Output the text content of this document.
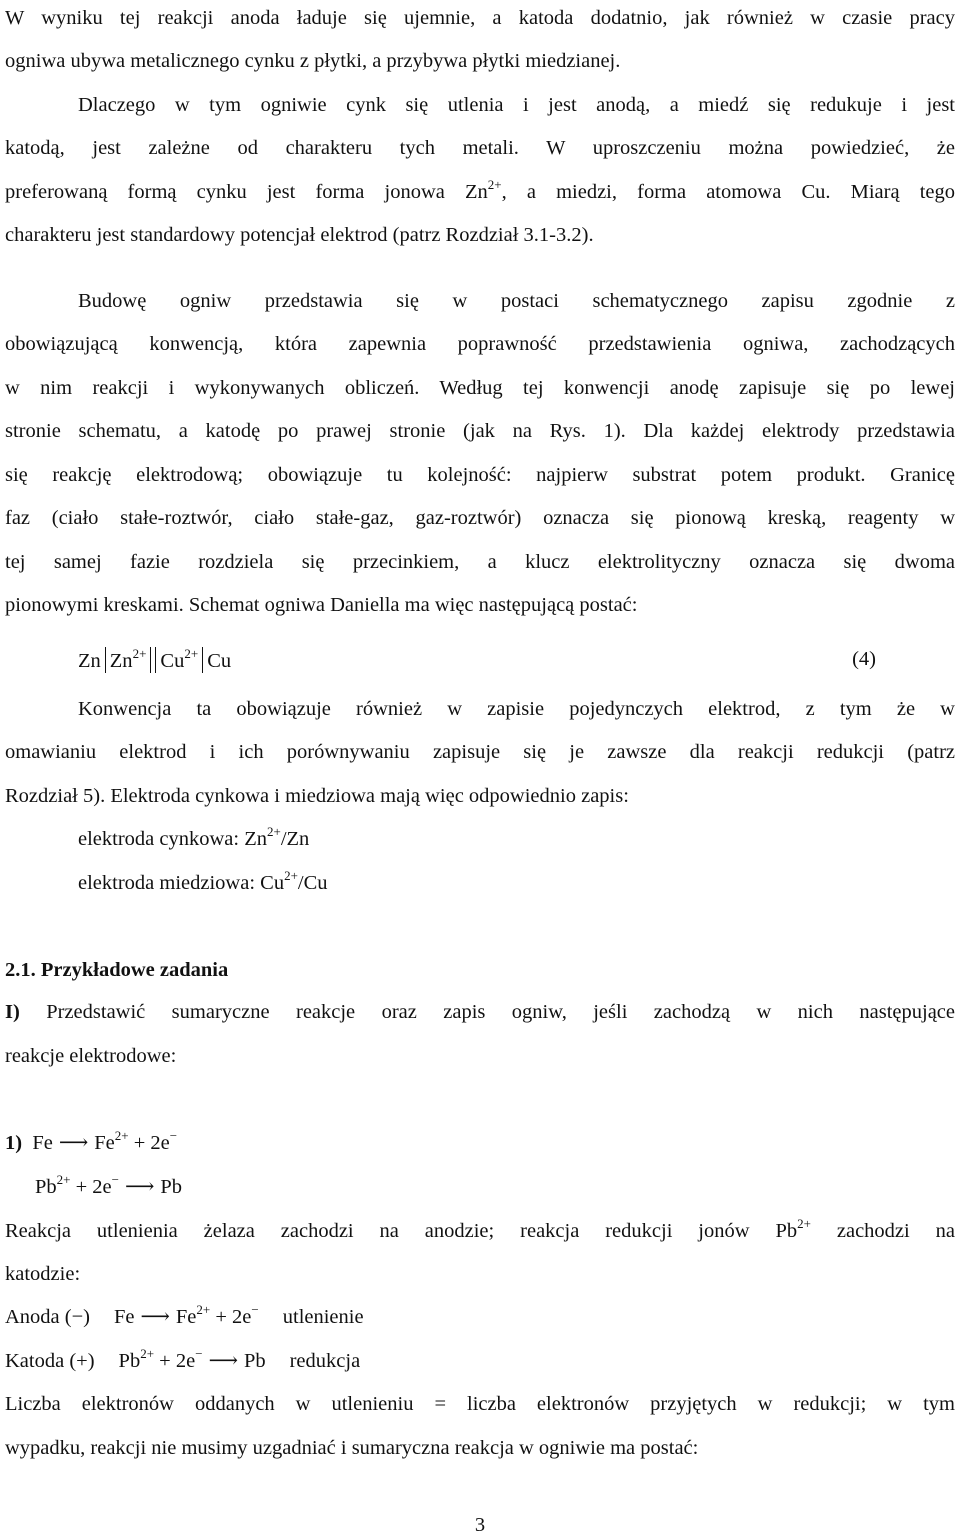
W wyniku tej reakcji anoda ładuje się ujemnie, a katoda dodatnio, jak również w czasie pracy
ogniwa ubywa metalicznego cynku z płytki, a przybywa płytki miedzianej.
Dlaczego w tym ogniwie cynk się utlenia i jest anodą, a miedź się redukuje i jest
katodą, jest zależne od charakteru tych metali. W uproszczeniu można powiedzieć, że
preferowaną formą cynku jest forma jonowa $Zn^{2+}$, a miedzi, forma atomowa Cu. Miarą tego
charakteru jest standardowy potencjał elektrod (patrz Rozdział 3.1-3.2).
Budowę ogniw przedstawia się w postaci schematycznego zapisu zgodnie z
obowiązującą konwencją, która zapewnia poprawność przedstawienia ogniwa, zachodzących
w nim reakcji i wykonywanych obliczeń. Według tej konwencji anodę zapisuje się po lewej
stronie schematu, a katodę po prawej stronie (jak na Rys. 1). Dla każdej elektrody przedstawia
się reakcję elektrodową; obowiązuje tu kolejność: najpierw substrat potem produkt. Granicę
faz (ciało stałe-roztwór, ciało stałe-gaz, gaz-roztwór) oznacza się pionową kreską, reagenty w
tej samej fazie rozdziela się przecinkiem, a klucz elektrolityczny oznacza się dwoma
pionowymi kreskami. Schemat ogniwa Daniella ma więc następującą postać:
Zn $Zn^{2+}$ $Cu^{2+}$ Cu	(4)
Konwencja ta obowiązuje również w zapisie pojedynczych elektrod, z tym że w
omawianiu elektrod i ich porównywaniu zapisuje się je zawsze dla reakcji redukcji (patrz
Rozdział 5). Elektroda cynkowa i miedziowa mają więc odpowiednio zapis:
elektroda cynkowa: $Zn^{2+}/Zn$
elektroda miedziowa: $Cu^{2+}/Cu$
2.1. Przykładowe zadania
I) Przedstawić sumaryczne reakcje oraz zapis ogniw, jeśli zachodzą w nich następujące
reakcje elektrodowe:
1) Fe ⟶ $Fe^{2+} + 2e^-$
$Pb^{2+} + 2e^-$ ⟶ Pb
Reakcja utlenienia żelaza zachodzi na anodzie; reakcja redukcji jonów $Pb^{2+}$ zachodzi na
katodzie:
Anoda (−) Fe ⟶ $Fe^{2+} + 2e^-$ utlenienie
Katoda (+) $Pb^{2+} + 2e^-$ ⟶ Pb redukcja
Liczba elektronów oddanych w utlenieniu = liczba elektronów przyjętych w redukcji; w tym
wypadku, reakcji nie musimy uzgadniać i sumaryczna reakcja w ogniwie ma postać:
3
